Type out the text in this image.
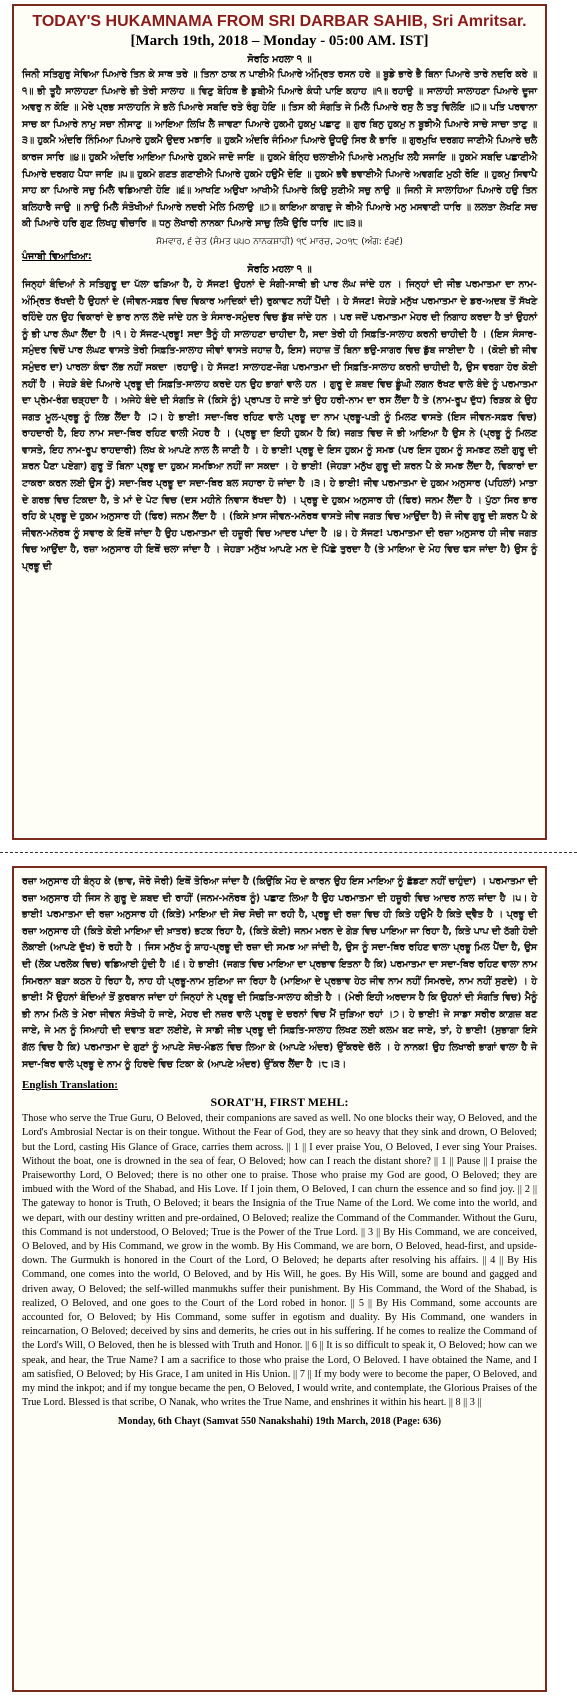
TODAY'S HUKAMNAMA FROM SRI DARBAR SAHIB, Sri Amritsar.
[March 19th, 2018 – Monday - 05:00 AM. IST]
ਸੋਰਠਿ ਮਹਲਾ ੧ ॥
ਜਿਨੀ ਸਤਿਗੁਰੁ ਸੇਵਿਆ ਪਿਆਰੇ ਤਿਨ ਕੇ ਸਾਥ ਤਰੇ ॥ ਤਿਨਾ ਠਾਕ ਨ ਪਾਈਐ ਪਿਆਰੇ ਅੰਮ੍ਰਿਤ ਰਸਨ ਹਰੇ ॥ ਬੂਡੇ ਭਾਰੇ ਭੈ ਬਿਨਾ ਪਿਆਰੇ ਤਾਰੇ ਨਦਰਿ ਕਰੇ ॥੧॥ ਭੀ ਤੂਹੈ ਸਾਲਾਹਣਾ ਪਿਆਰੇ ਭੀ ਤੇਰੀ ਸਾਲਾਹ ॥ ਵਿਣੁ ਬੋਹਿਥ ਭੈ ਡੁਬੀਐ ਪਿਆਰੇ ਕੰਧੀ ਪਾਇ ਕਹਾਹ ॥੧॥ ਰਹਾਉ ॥ ਸਾਲਾਹੀ ਸਾਲਾਹਣਾ ਪਿਆਰੇ ਦੂਜਾ ਅਵਰੁ ਨ ਕੋਇ ॥ ਮੇਰੇ ਪ੍ਰਭ ਸਾਲਾਹਨਿ ਸੇ ਭਲੇ ਪਿਆਰੇ ਸਬਦਿ ਰਤੇ ਰੰਗੁ ਹੋਇ ॥ ਤਿਸ ਕੀ ਸੰਗਤਿ ਜੇ ਮਿਲੈ ਪਿਆਰੇ ਰਸੁ ਲੈ ਤਤੁ ਵਿਲੋਇ ॥੨॥ ਪਤਿ ਪਰਵਾਨਾ ਸਾਚ ਕਾ ਪਿਆਰੇ ਨਾਮੁ ਸਚਾ ਨੀਸਾਣੁ ॥ ਆਇਆ ਲਿਖਿ ਲੈ ਜਾਵਣਾ ਪਿਆਰੇ ਹੁਕਮੀ ਹੁਕਮੁ ਪਛਾਣੁ ॥ ਗੁਰ ਬਿਨੁ ਹੁਕਮੁ ਨ ਬੂਝੀਐ ਪਿਆਰੇ ਸਾਚੇ ਸਾਚਾ ਤਾਣੁ ॥੩॥ ਹੁਕਮੈ ਅੰਦਰਿ ਨਿੰਮਿਆ ਪਿਆਰੇ ਹੁਕਮੈ ਉਦਰ ਮਝਾਰਿ ॥ ਹੁਕਮੈ ਅੰਦਰਿ ਜੰਮਿਆ ਪਿਆਰੇ ਊਧਉ ਸਿਰ ਕੈ ਭਾਰਿ ॥ ਗੁਰਮੁਖਿ ਦਰਗਹ ਜਾਣੀਐ ਪਿਆਰੇ ਚਲੈ ਕਾਰਜ ਸਾਰਿ ॥੪॥ ਹੁਕਮੈ ਅੰਦਰਿ ਆਇਆ ਪਿਆਰੇ ਹੁਕਮੇ ਜਾਦੋ ਜਾਇ ॥ ਹੁਕਮੇ ਬੰਨ੍ਹਿ ਚਲਾਈਐ ਪਿਆਰੇ ਮਨਮੁਖਿ ਲਹੈ ਸਜਾਇ ॥ ਹੁਕਮੇ ਸਬਦਿ ਪਛਾਣੀਐ ਪਿਆਰੇ ਦਰਗਹ ਪੈਧਾ ਜਾਇ ॥੫॥ ਹੁਕਮੇ ਗਣਤ ਗਣਾਈਐ ਪਿਆਰੇ ਹੁਕਮੇ ਹਉਮੈ ਦੋਇ ॥ ਹੁਕਮੇ ਭਵੈ ਭਵਾਈਐ ਪਿਆਰੇ ਅਵਗਣਿ ਮੁਠੀ ਰੋਇ ॥ ਹੁਕਮੁ ਸਿਞਾਪੈ ਸਾਹ ਕਾ ਪਿਆਰੇ ਸਚੁ ਮਿਲੈ ਵਡਿਆਈ ਹੋਇ ॥੬॥ ਆਖਣਿ ਅਉਖਾ ਆਖੀਐ ਪਿਆਰੇ ਕਿਉ ਸੁਣੀਐ ਸਚੁ ਨਾਉ ॥ ਜਿਨੀ ਸੋ ਸਾਲਾਹਿਆ ਪਿਆਰੇ ਹਉ ਤਿਨ ਬਲਿਹਾਰੈ ਜਾਉ ॥ ਨਾਉ ਮਿਲੈ ਸੰਤੋਖੀਆਂ ਪਿਆਰੇ ਨਦਰੀ ਮੇਲਿ ਮਿਲਾਉ ॥੭॥ ਕਾਇਆ ਕਾਗਦੁ ਜੇ ਥੀਐ ਪਿਆਰੇ ਮਨੁ ਮਸਵਾਣੀ ਧਾਰਿ ॥ ਲਲਤਾ ਲੇਖਣਿ ਸਚ ਕੀ ਪਿਆਰੇ ਹਰਿ ਗੁਣ ਲਿਖਹੁ ਵੀਚਾਰਿ ॥ ਧਨੁ ਲੇਖਾਰੀ ਨਾਨਕਾ ਪਿਆਰੇ ਸਾਚੁ ਲਿਖੈ ਉਰਿ ਧਾਰਿ ॥੮॥੩॥
ਸੋਮਵਾਰ, ੬ ਚੇਤ (ਸੰਮਤ ੫੫੦ ਨਾਨਕਸ਼ਾਹੀ) ੧੯ ਮਾਰਚ, ੨੦੧੮ (ਅੰਗ: ੬੩੬)
ਪੰਜਾਬੀ ਵਿਆਖਿਆ:
ਸੋਰਠਿ ਮਹਲਾ ੧ ॥
ਜਿਨ੍ਹਾਂ ਬੰਦਿਆਂ ਨੇ ਸਤਿਗੁਰੂ ਦਾ ਪੱਲਾ ਫੜਿਆ ਹੈ, ਹੇ ਸੱਜਣ! ਉਹਨਾਂ ਦੇ ਸੰਗੀ-ਸਾਥੀ ਭੀ ਪਾਰ ਲੰਘ ਜਾਂਦੇ ਹਨ । ਜਿਨ੍ਹਾਂ ਦੀ ਜੀਭ ਪਰਮਾਤਮਾ ਦਾ ਨਾਮ-ਅੰਮ੍ਰਿਤ ਰੱਖਦੀ ਹੈ ਉਹਨਾਂ ਦੇ (ਜੀਵਨ-ਸਫ਼ਰ ਵਿਚ ਵਿਕਾਰ ਆਦਿਕਾਂ ਦੀ) ਰੁਕਾਵਟ ਨਹੀਂ ਪੈਂਦੀ । ਹੇ ਸੱਜਣ! ਜੇਹੜੇ ਮਨੁੱਖ ਪਰਮਾਤਮਾ ਦੇ ਡਰ-ਅਦਬ ਤੋਂ ਸੱਖਣੇ ਰਹਿੰਦੇ ਹਨ ਉਹ ਵਿਕਾਰਾਂ ਦੇ ਭਾਰ ਨਾਲ ਲੱਦੇ ਜਾਂਦੇ ਹਨ ਤੇ ਸੰਸਾਰ-ਸਮੁੰਦਰ ਵਿਚ ਡੁੱਬ ਜਾਂਦੇ ਹਨ । ਪਰ ਜਦੋਂ ਪਰਮਾਤਮਾ ਮੇਹਰ ਦੀ ਨਿਗਾਹ ਕਰਦਾ ਹੈ ਤਾਂ ਉਹਨਾਂ ਨੂੰ ਭੀ ਪਾਰ ਲੰਘਾ ਲੈਂਦਾ ਹੈ ।੧। ਹੇ ਸੱਜਣ-ਪ੍ਰਭੂ! ਸਦਾ ਤੈਨੂੰ ਹੀ ਸਾਲਾਹਣਾ ਚਾਹੀਦਾ ਹੈ, ਸਦਾ ਤੇਰੀ ਹੀ ਸਿਫ਼ਤਿ-ਸਾਲਾਹ ਕਰਨੀ ਚਾਹੀਦੀ ਹੈ । (ਇਸ ਸੰਸਾਰ-ਸਮੁੰਦਰ ਵਿਚੋਂ ਪਾਰ ਲੰਘਣ ਵਾਸਤੇ ਤੇਰੀ ਸਿਫ਼ਤਿ-ਸਾਲਾਹ ਜੀਵਾਂ ਵਾਸਤੇ ਜਹਾਜ਼ ਹੈ, ਇਸ) ਜਹਾਜ਼ ਤੋਂ ਬਿਨਾ ਭਉ-ਸਾਗਰ ਵਿਚ ਡੁੱਬ ਜਾਈਦਾ ਹੈ । (ਕੋਈ ਭੀ ਜੀਵ ਸਮੁੰਦਰ ਦਾ) ਪਾਰਲਾ ਕੰਢਾ ਲੱਭ ਨਹੀਂ ਸਕਦਾ ।ਰਹਾਉ। ਹੇ ਸੱਜਣ! ਸਾਲਾਹਣ-ਜੋਗ ਪਰਮਾਤਮਾ ਦੀ ਸਿਫ਼ਤਿ-ਸਾਲਾਹ ਕਰਨੀ ਚਾਹੀਦੀ ਹੈ, ਉਸ ਵਰਗਾ ਹੋਰ ਕੋਈ ਨਹੀਂ ਹੈ । ਜੇਹੜੇ ਬੰਦੇ ਪਿਆਰੇ ਪ੍ਰਭੂ ਦੀ ਸਿਫ਼ਤਿ-ਸਾਲਾਹ ਕਰਦੇ ਹਨ ਉਹ ਭਾਗਾਂ ਵਾਲੇ ਹਨ । ਗੁਰੂ ਦੇ ਸ਼ਬਦ ਵਿਚ ਡੂੰਘੀ ਲਗਨ ਰੱਖਣ ਵਾਲੇ ਬੰਦੇ ਨੂੰ ਪਰਮਾਤਮਾ ਦਾ ਪ੍ਰੇਮ-ਰੰਗ ਚੜ੍ਹਦਾ ਹੈ । ਅਜੇਹੇ ਬੰਦੇ ਦੀ ਸੰਗਤਿ ਜੇ (ਕਿਸੇ ਨੂੰ) ਪ੍ਰਾਪਤ ਹੋ ਜਾਏ ਤਾਂ ਉਹ ਹਰੀ-ਨਾਮ ਦਾ ਰਸ ਲੈਂਦਾ ਹੈ ਤੇ (ਨਾਮ-ਰੂਪ ਦੁੱਧ) ਰਿੜਕ ਕੇ ਉਹ ਜਗਤ ਮੂਲ-ਪ੍ਰਭੂ ਨੂੰ ਲਿਭ ਲੈਂਦਾ ਹੈ ।੨। ਹੇ ਭਾਈ! ਸਦਾ-ਥਿਰ ਰਹਿਣ ਵਾਲੇ ਪ੍ਰਭੂ ਦਾ ਨਾਮ ਪ੍ਰਭੂ-ਪਤੀ ਨੂੰ ਮਿਲਣ ਵਾਸਤੇ (ਇਸ ਜੀਵਨ-ਸਫ਼ਰ ਵਿਚ) ਰਾਹਦਾਰੀ ਹੈ, ਇਹ ਨਾਮ ਸਦਾ-ਥਿਰ ਰਹਿਣ ਵਾਲੀ ਮੋਹਰ ਹੈ । (ਪ੍ਰਭੂ ਦਾ ਇਹੀ ਹੁਕਮ ਹੈ ਕਿ) ਜਗਤ ਵਿਚ ਜੋ ਭੀ ਆਇਆ ਹੈ ਉਸ ਨੇ (ਪ੍ਰਭੂ ਨੂੰ ਮਿਲਣ ਵਾਸਤੇ, ਇਹ ਨਾਮ-ਰੂਪ ਰਾਹਦਾਰੀ) ਲਿਖ ਕੇ ਆਪਣੇ ਨਾਲ ਲੈ ਜਾਣੀ ਹੈ । ਹੇ ਭਾਈ! ਪ੍ਰਭੂ ਦੇ ਇਸ ਹੁਕਮ ਨੂੰ ਸਮਝ (ਪਰ ਇਸ ਹੁਕਮ ਨੂੰ ਸਮਝਣ ਲਈ ਗੁਰੂ ਦੀ ਸ਼ਰਨ ਪੈਣਾ ਪਏਗਾ) ਗੁਰੂ ਤੋਂ ਬਿਨਾ ਪ੍ਰਭੂ ਦਾ ਹੁਕਮ ਸਮਝਿਆ ਨਹੀਂ ਜਾ ਸਕਦਾ । ਹੇ ਭਾਈ! (ਜੇਹੜਾ ਮਨੁੱਖ ਗੁਰੂ ਦੀ ਸ਼ਰਨ ਪੈ ਕੇ ਸਮਝ ਲੈਂਦਾ ਹੈ, ਵਿਕਾਰਾਂ ਦਾ ਟਾਕਰਾ ਕਰਨ ਲਈ ਉਸ ਨੂੰ) ਸਦਾ-ਥਿਰ ਪ੍ਰਭੂ ਦਾ ਸਦਾ-ਥਿਰ ਬਲ ਸਹਾਰਾ ਹੋ ਜਾਂਦਾ ਹੈ ।੩। ਹੇ ਭਾਈ! ਜੀਵ ਪਰਮਾਤਮਾ ਦੇ ਹੁਕਮ ਅਨੁਸਾਰ (ਪਹਿਲਾਂ) ਮਾਤਾ ਦੇ ਗਰਭ ਵਿਚ ਟਿਕਦਾ ਹੈ, ਤੇ ਮਾਂ ਦੇ ਪੇਟ ਵਿਚ (ਦਸ ਮਹੀਨੇ ਨਿਵਾਸ ਰੱਖਦਾ ਹੈ) । ਪ੍ਰਭੂ ਦੇ ਹੁਕਮ ਅਨੁਸਾਰ ਹੀ (ਫਿਰ) ਜਨਮ ਲੈਂਦਾ ਹੈ । ਪੁੱਠਾ ਸਿਰ ਭਾਰ ਰਹਿ ਕੇ ਪ੍ਰਭੂ ਦੇ ਹੁਕਮ ਅਨੁਸਾਰ ਹੀ (ਫਿਰ) ਜਨਮ ਲੈਂਦਾ ਹੈ । (ਕਿਸੇ ਖ਼ਾਸ ਜੀਵਨ-ਮਨੋਰਥ ਵਾਸਤੇ ਜੀਵ ਜਗਤ ਵਿਚ ਆਉਂਦਾ ਹੈ) ਜੋ ਜੀਵ ਗੁਰੂ ਦੀ ਸ਼ਰਨ ਪੈ ਕੇ ਜੀਵਨ-ਮਨੋਰਥ ਨੂੰ ਸਵਾਰ ਕੇ ਇਥੋਂ ਜਾਂਦਾ ਹੈ ਉਹ ਪਰਮਾਤਮਾ ਦੀ ਹਜ਼ੂਰੀ ਵਿਚ ਆਦਰ ਪਾਂਦਾ ਹੈ ।੪। ਹੇ ਸੱਜਣ! ਪਰਮਾਤਮਾ ਦੀ ਰਜ਼ਾ ਅਨੁਸਾਰ ਹੀ ਜੀਵ ਜਗਤ ਵਿਚ ਆਉਂਦਾ ਹੈ, ਰਜ਼ਾ ਅਨੁਸਾਰ ਹੀ ਇਥੋਂ ਚਲਾ ਜਾਂਦਾ ਹੈ । ਜੇਹੜਾ ਮਨੁੱਖ ਆਪਣੇ ਮਨ ਦੇ ਪਿੱਛੇ ਤੁਰਦਾ ਹੈ (ਤੇ ਮਾਇਆ ਦੇ ਮੋਹ ਵਿਚ ਫਸ ਜਾਂਦਾ ਹੈ) ਉਸ ਨੂੰ ਪ੍ਰਭੂ ਦੀ
ਰਜ਼ਾ ਅਨੁਸਾਰ ਹੀ ਬੰਨ੍ਹ ਕੇ (ਭਾਵ, ਜੋਰੋ ਜੋਰੀ) ਇਥੋਂ ਤੋਰਿਆ ਜਾਂਦਾ ਹੈ (ਕਿਉਂਕਿ ਮੋਹ ਦੇ ਕਾਰਨ ਉਹ ਇਸ ਮਾਇਆ ਨੂੰ ਛੱਡਣਾ ਨਹੀਂ ਚਾਹੁੰਦਾ) । ਪਰਮਾਤਮਾ ਦੀ ਰਜ਼ਾ ਅਨੁਸਾਰ ਹੀ ਜਿਸ ਨੇ ਗੁਰੂ ਦੇ ਸ਼ਬਦ ਦੀ ਰਾਹੀਂ (ਜਨਮ-ਮਨੋਰਥ ਨੂੰ) ਪਛਾਣ ਲਿਆ ਹੈ ਉਹ ਪਰਮਾਤਮਾ ਦੀ ਹਜ਼ੂਰੀ ਵਿਚ ਆਦਰ ਨਾਲ ਜਾਂਦਾ ਹੈ ।੫। ਹੇ ਭਾਈ! ਪਰਮਾਤਮਾ ਦੀ ਰਜ਼ਾ ਅਨੁਸਾਰ ਹੀ (ਕਿਤੇ) ਮਾਇਆ ਦੀ ਸੋਚ ਸੋਚੀ ਜਾ ਰਹੀ ਹੈ, ਪ੍ਰਭੂ ਦੀ ਰਜ਼ਾ ਵਿਚ ਹੀ ਕਿਤੇ ਹਉਮੈ ਹੈ ਕਿਤੇ ਦ੍ਵੈਤ ਹੈ । ਪ੍ਰਭੂ ਦੀ ਰਜ਼ਾ ਅਨੁਸਾਰ ਹੀ (ਕਿਤੇ ਕੋਈ ਮਾਇਆ ਦੀ ਖ਼ਾਤਰ) ਭਟਕ ਰਿਹਾ ਹੈ, (ਕਿਤੇ ਕੋਈ) ਜਨਮ ਮਰਨ ਦੇ ਗੇੜ ਵਿਚ ਪਾਇਆ ਜਾ ਰਿਹਾ ਹੈ, ਕਿਤੇ ਪਾਪ ਦੀ ਠੱਗੀ ਹੋਈ ਲੋਕਾਈ (ਆਪਣੇ ਦੁੱਖ) ਰੋ ਰਹੀ ਹੈ । ਜਿਸ ਮਨੁੱਖ ਨੂੰ ਸ਼ਾਹ-ਪ੍ਰਭੂ ਦੀ ਰਜ਼ਾ ਦੀ ਸਮਝ ਆ ਜਾਂਦੀ ਹੈ, ਉਸ ਨੂੰ ਸਦਾ-ਥਿਰ ਰਹਿਣ ਵਾਲਾ ਪ੍ਰਭੂ ਮਿਲ ਪੈਂਦਾ ਹੈ, ਉਸ ਦੀ (ਲੋਕ ਪਰਲੋਕ ਵਿਚ) ਵਡਿਆਈ ਹੁੰਦੀ ਹੈ ।੬। ਹੇ ਭਾਈ! (ਜਗਤ ਵਿਚ ਮਾਇਆ ਦਾ ਪ੍ਰਭਾਵ ਇਤਨਾ ਹੈ ਕਿ) ਪਰਮਾਤਮਾ ਦਾ ਸਦਾ-ਥਿਰ ਰਹਿਣ ਵਾਲਾ ਨਾਮ ਸਿਮਰਨਾ ਬੜਾ ਕਠਨ ਹੋ ਰਿਹਾ ਹੈ, ਨਾਹ ਹੀ ਪ੍ਰਭੂ-ਨਾਮ ਸੁਣਿਆ ਜਾ ਰਿਹਾ ਹੈ (ਮਾਇਆ ਦੇ ਪ੍ਰਭਾਵ ਹੇਠ ਜੀਵ ਨਾਮ ਨਹੀਂ ਸਿਮਰਦੇ, ਨਾਮ ਨਹੀਂ ਸੁਣਦੇ) । ਹੇ ਭਾਈ! ਮੈਂ ਉਹਨਾਂ ਬੰਦਿਆਂ ਤੋਂ ਕੁਰਬਾਨ ਜਾਂਦਾ ਹਾਂ ਜਿਨ੍ਹਾਂ ਨੇ ਪ੍ਰਭੂ ਦੀ ਸਿਫ਼ਤਿ-ਸਾਲਾਹ ਕੀਤੀ ਹੈ । (ਮੇਰੀ ਇਹੀ ਅਰਦਾਸ ਹੈ ਕਿ ਉਹਨਾਂ ਦੀ ਸੰਗਤਿ ਵਿਚ) ਮੈਨੂੰ ਭੀ ਨਾਮ ਮਿਲੇ ਤੇ ਮੇਰਾ ਜੀਵਨ ਸੰਤੋਖੀ ਹੋ ਜਾਏ, ਮੇਹਰ ਦੀ ਨਜ਼ਰ ਵਾਲੇ ਪ੍ਰਭੂ ਦੇ ਚਰਨਾਂ ਵਿਚ ਮੈਂ ਜੁੜਿਆ ਰਹਾਂ ।੭। ਹੇ ਭਾਈ! ਜੇ ਸਾਡਾ ਸਰੀਰ ਕਾਗ਼ਜ਼ ਬਣ ਜਾਏ, ਜੇ ਮਨ ਨੂੰ ਸਿਆਹੀ ਦੀ ਦਵਾਤ ਬਣਾ ਲਈਏ, ਜੇ ਸਾਡੀ ਜੀਭ ਪ੍ਰਭੂ ਦੀ ਸਿਫ਼ਤਿ-ਸਾਲਾਹ ਲਿਖਣ ਲਈ ਕਲਮ ਬਣ ਜਾਏ, ਤਾਂ, ਹੇ ਭਾਈ! (ਸੁਭਾਗਾ ਇਸੇ ਗੱਲ ਵਿਚ ਹੈ ਕਿ) ਪਰਮਾਤਮਾ ਦੇ ਗੁਣਾਂ ਨੂੰ ਆਪਣੇ ਸੋਚ-ਮੰਡਲ ਵਿਚ ਲਿਆ ਕੇ (ਆਪਣੇ ਅੰਦਰ) ਉੱਕਰਦੇ ਚੱਲੋ । ਹੇ ਨਾਨਕ! ਉਹ ਲਿਖਾਰੀ ਭਾਗਾਂ ਵਾਲਾ ਹੈ ਜੋ ਸਦਾ-ਥਿਰ ਵਾਲੇ ਪ੍ਰਭੂ ਦੇ ਨਾਮ ਨੂੰ ਹਿਰਦੇ ਵਿਚ ਟਿਕਾ ਕੇ (ਆਪਣੇ ਅੰਦਰ) ਉੱਕਰ ਲੈਂਦਾ ਹੈ ।੮।੩।
English Translation:
SORAT'H, FIRST MEHL:
Those who serve the True Guru, O Beloved, their companions are saved as well. No one blocks their way, O Beloved, and the Lord's Ambrosial Nectar is on their tongue. Without the Fear of God, they are so heavy that they sink and drown, O Beloved; but the Lord, casting His Glance of Grace, carries them across. || 1 || I ever praise You, O Beloved, I ever sing Your Praises. Without the boat, one is drowned in the sea of fear, O Beloved; how can I reach the distant shore? || 1 || Pause || I praise the Praiseworthy Lord, O Beloved; there is no other one to praise. Those who praise my God are good, O Beloved; they are imbued with the Word of the Shabad, and His Love. If I join them, O Beloved, I can churn the essence and so find joy. || 2 || The gateway to honor is Truth, O Beloved; it bears the Insignia of the True Name of the Lord. We come into the world, and we depart, with our destiny written and pre-ordained, O Beloved; realize the Command of the Commander. Without the Guru, this Command is not understood, O Beloved; True is the Power of the True Lord. || 3 || By His Command, we are conceived, O Beloved, and by His Command, we grow in the womb. By His Command, we are born, O Beloved, head-first, and upside-down. The Gurmukh is honored in the Court of the Lord, O Beloved; he departs after resolving his affairs. || 4 || By His Command, one comes into the world, O Beloved, and by His Will, he goes. By His Will, some are bound and gagged and driven away, O Beloved; the self-willed manmukhs suffer their punishment. By His Command, the Word of the Shabad, is realized, O Beloved, and one goes to the Court of the Lord robed in honor. || 5 || By His Command, some accounts are accounted for, O Beloved; by His Command, some suffer in egotism and duality. By His Command, one wanders in reincarnation, O Beloved; deceived by sins and demerits, he cries out in his suffering. If he comes to realize the Command of the Lord's Will, O Beloved, then he is blessed with Truth and Honor. || 6 || It is so difficult to speak it, O Beloved; how can we speak, and hear, the True Name? I am a sacrifice to those who praise the Lord, O Beloved. I have obtained the Name, and I am satisfied, O Beloved; by His Grace, I am united in His Union. || 7 || If my body were to become the paper, O Beloved, and my mind the inkpot; and if my tongue became the pen, O Beloved, I would write, and contemplate, the Glorious Praises of the True Lord. Blessed is that scribe, O Nanak, who writes the True Name, and enshrines it within his heart. || 8 || 3 ||
Monday, 6th Chayt (Samvat 550 Nanakshahi) 19th March, 2018 (Page: 636)
